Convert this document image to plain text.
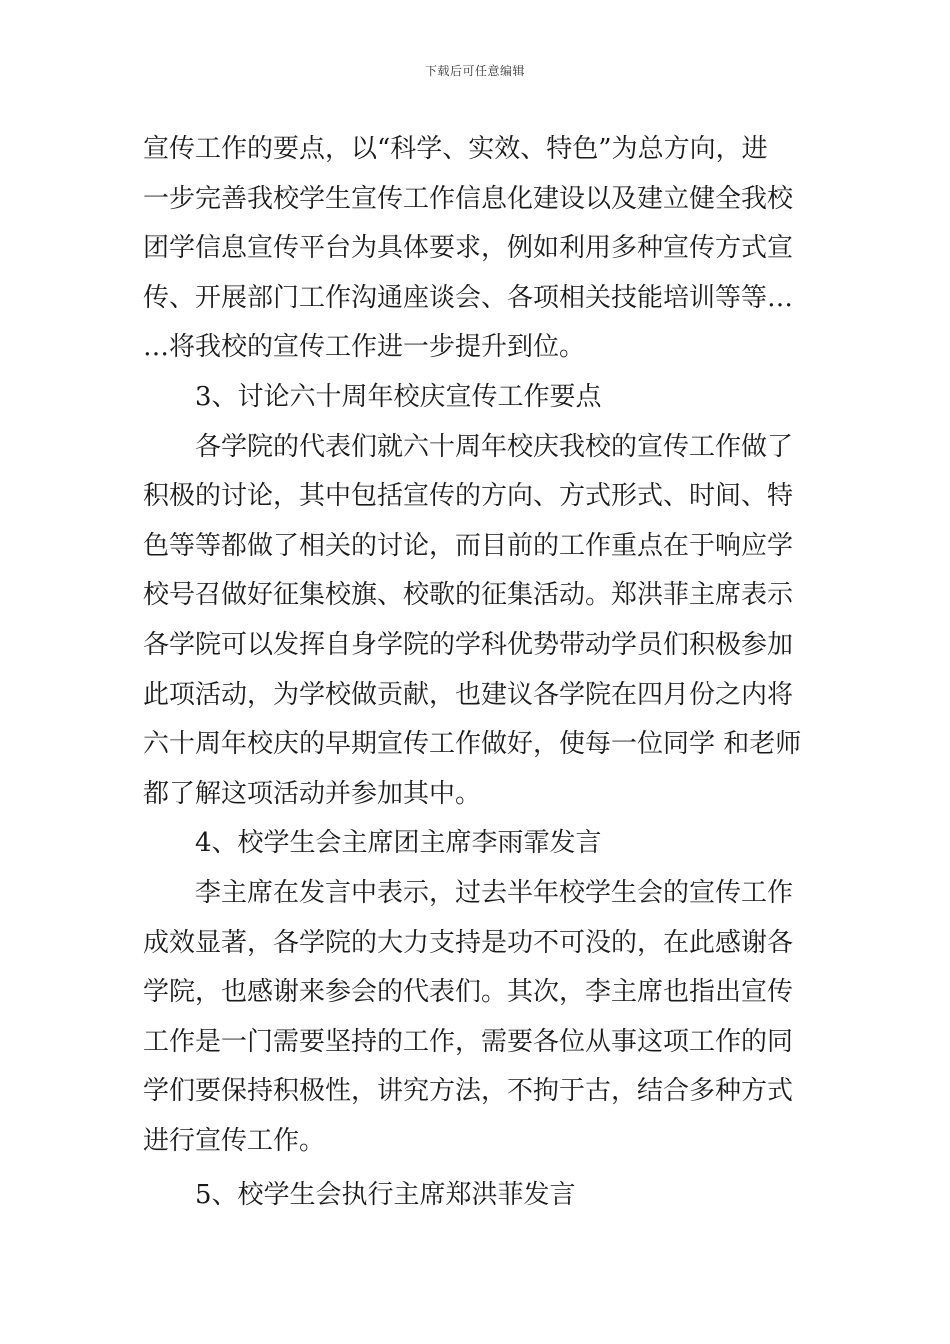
下载后可任意编辑
宣传工作的要点，以“科学、实效、特色”为总方向，进
一步完善我校学生宣传工作信息化建设以及建立健全我校
团学信息宣传平台为具体要求，例如利用多种宣传方式宣
传、开展部门工作沟通座谈会、各项相关技能培训等等…
…将我校的宣传工作进一步提升到位。
3、讨论六十周年校庆宣传工作要点
各学院的代表们就六十周年校庆我校的宣传工作做了
积极的讨论，其中包括宣传的方向、方式形式、时间、特
色等等都做了相关的讨论，而目前的工作重点在于响应学
校号召做好征集校旗、校歌的征集活动。郑洪菲主席表示
各学院可以发挥自身学院的学科优势带动学员们积极参加
此项活动，为学校做贡献，也建议各学院在四月份之内将
六十周年校庆的早期宣传工作做好，使每一位同学 和老师
都了解这项活动并参加其中。
4、校学生会主席团主席李雨霏发言
李主席在发言中表示，过去半年校学生会的宣传工作
成效显著，各学院的大力支持是功不可没的，在此感谢各
学院，也感谢来参会的代表们。其次，李主席也指出宣传
工作是一门需要坚持的工作，需要各位从事这项工作的同
学们要保持积极性，讲究方法，不拘于古，结合多种方式
进行宣传工作。
5、校学生会执行主席郑洪菲发言
